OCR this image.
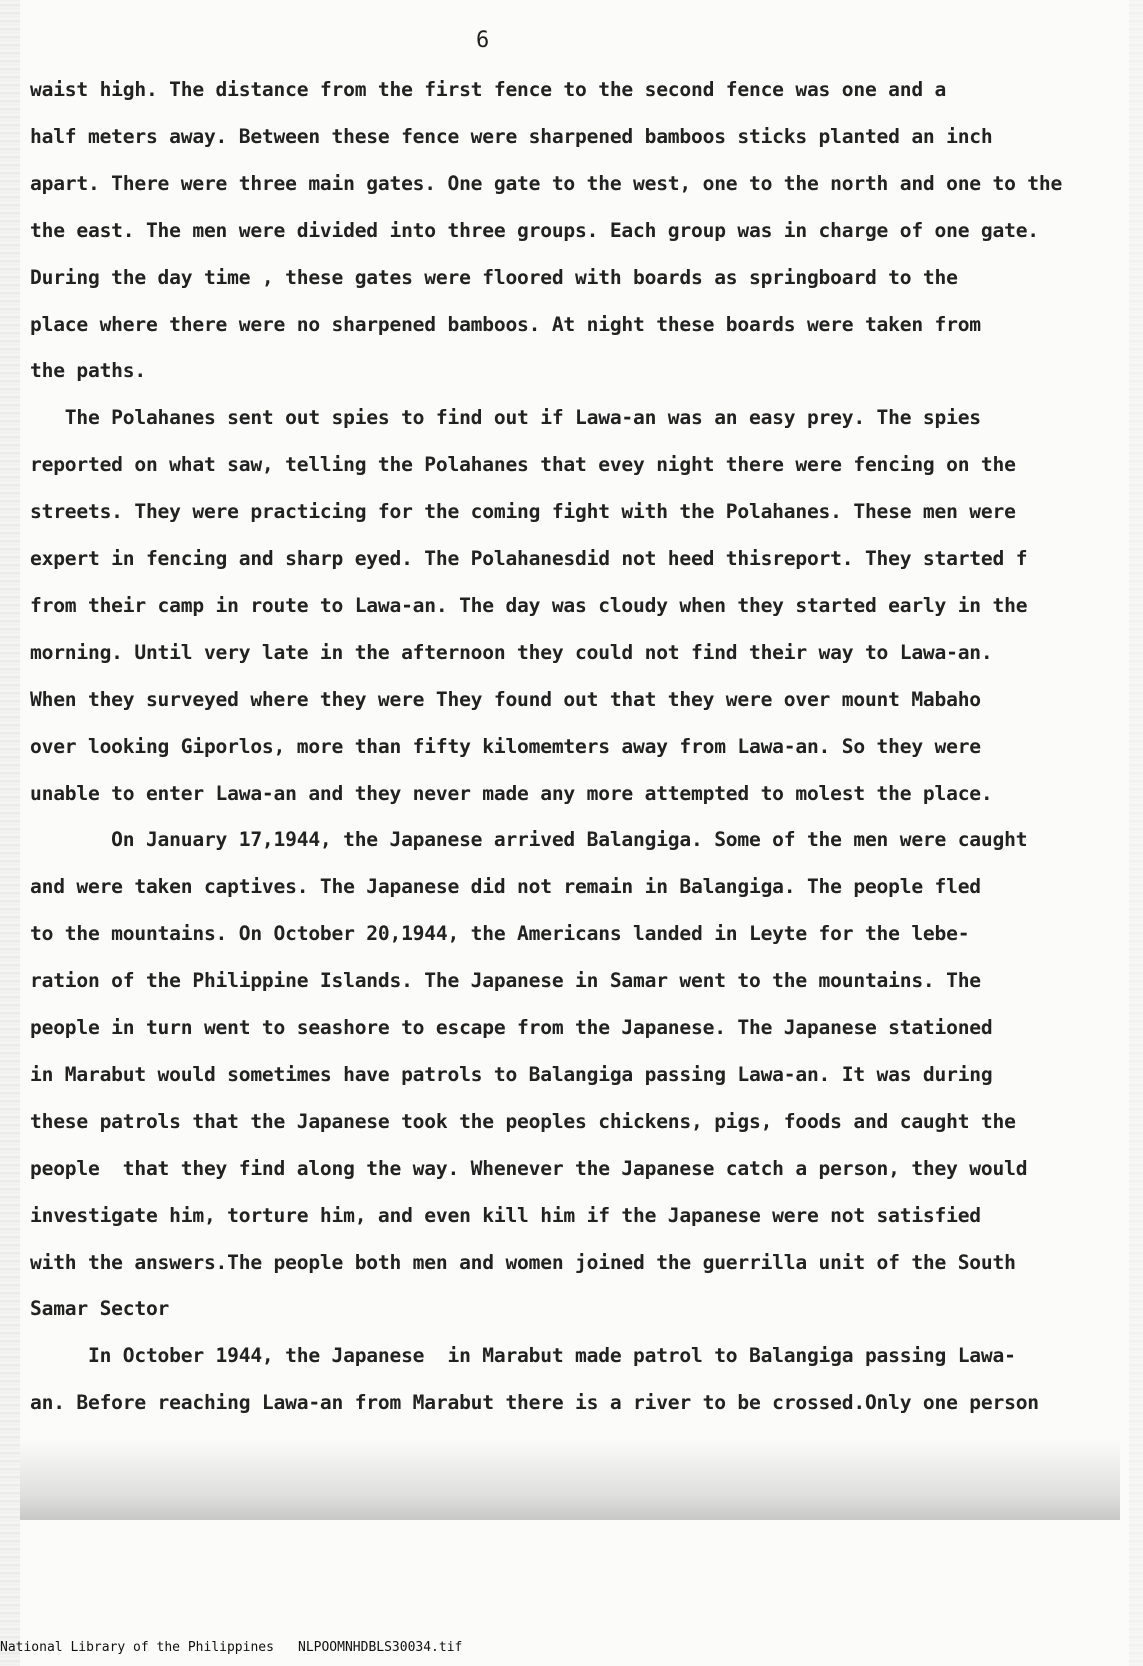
6
waist high. The distance from the first fence to the second fence was one and a
half meters away. Between these fence were sharpened bamboos sticks planted an inch
apart. There were three main gates. One gate to the west, one to the north and one to the
the east. The men were divided into three groups. Each group was in charge of one gate.
During the day time , these gates were floored with boards as springboard to the
place where there were no sharpened bamboos. At night these boards were taken from
the paths.
The Polahanes sent out spies to find out if Lawa-an was an easy prey. The spies
reported on what saw, telling the Polahanes that evey night there were fencing on the
streets. They were practicing for the coming fight with the Polahanes. These men were
expert in fencing and sharp eyed. The Polahanesdid not heed thisreport. They started f
from their camp in route to Lawa-an. The day was cloudy when they started early in the
morning. Until very late in the afternoon they could not find their way to Lawa-an.
When they surveyed where they were They found out that they were over mount Mabaho
over looking Giporlos, more than fifty kilomemters away from Lawa-an. So they were
unable to enter Lawa-an and they never made any more attempted to molest the place.
On January 17,1944, the Japanese arrived Balangiga. Some of the men were caught
and were taken captives. The Japanese did not remain in Balangiga. The people fled
to the mountains. On October 20,1944, the Americans landed in Leyte for the lebe-
ration of the Philippine Islands. The Japanese in Samar went to the mountains. The
people in turn went to seashore to escape from the Japanese. The Japanese stationed
in Marabut would sometimes have patrols to Balangiga passing Lawa-an. It was during
these patrols that the Japanese took the peoples chickens, pigs, foods and caught the
people  that they find along the way. Whenever the Japanese catch a person, they would
investigate him, torture him, and even kill him if the Japanese were not satisfied
with the answers.The people both men and women joined the guerrilla unit of the South
Samar Sector
In October 1944, the Japanese  in Marabut made patrol to Balangiga passing Lawa-
an. Before reaching Lawa-an from Marabut there is a river to be crossed.Only one person
National Library of the Philippines NLPOOMNHDBLS30034.tif
